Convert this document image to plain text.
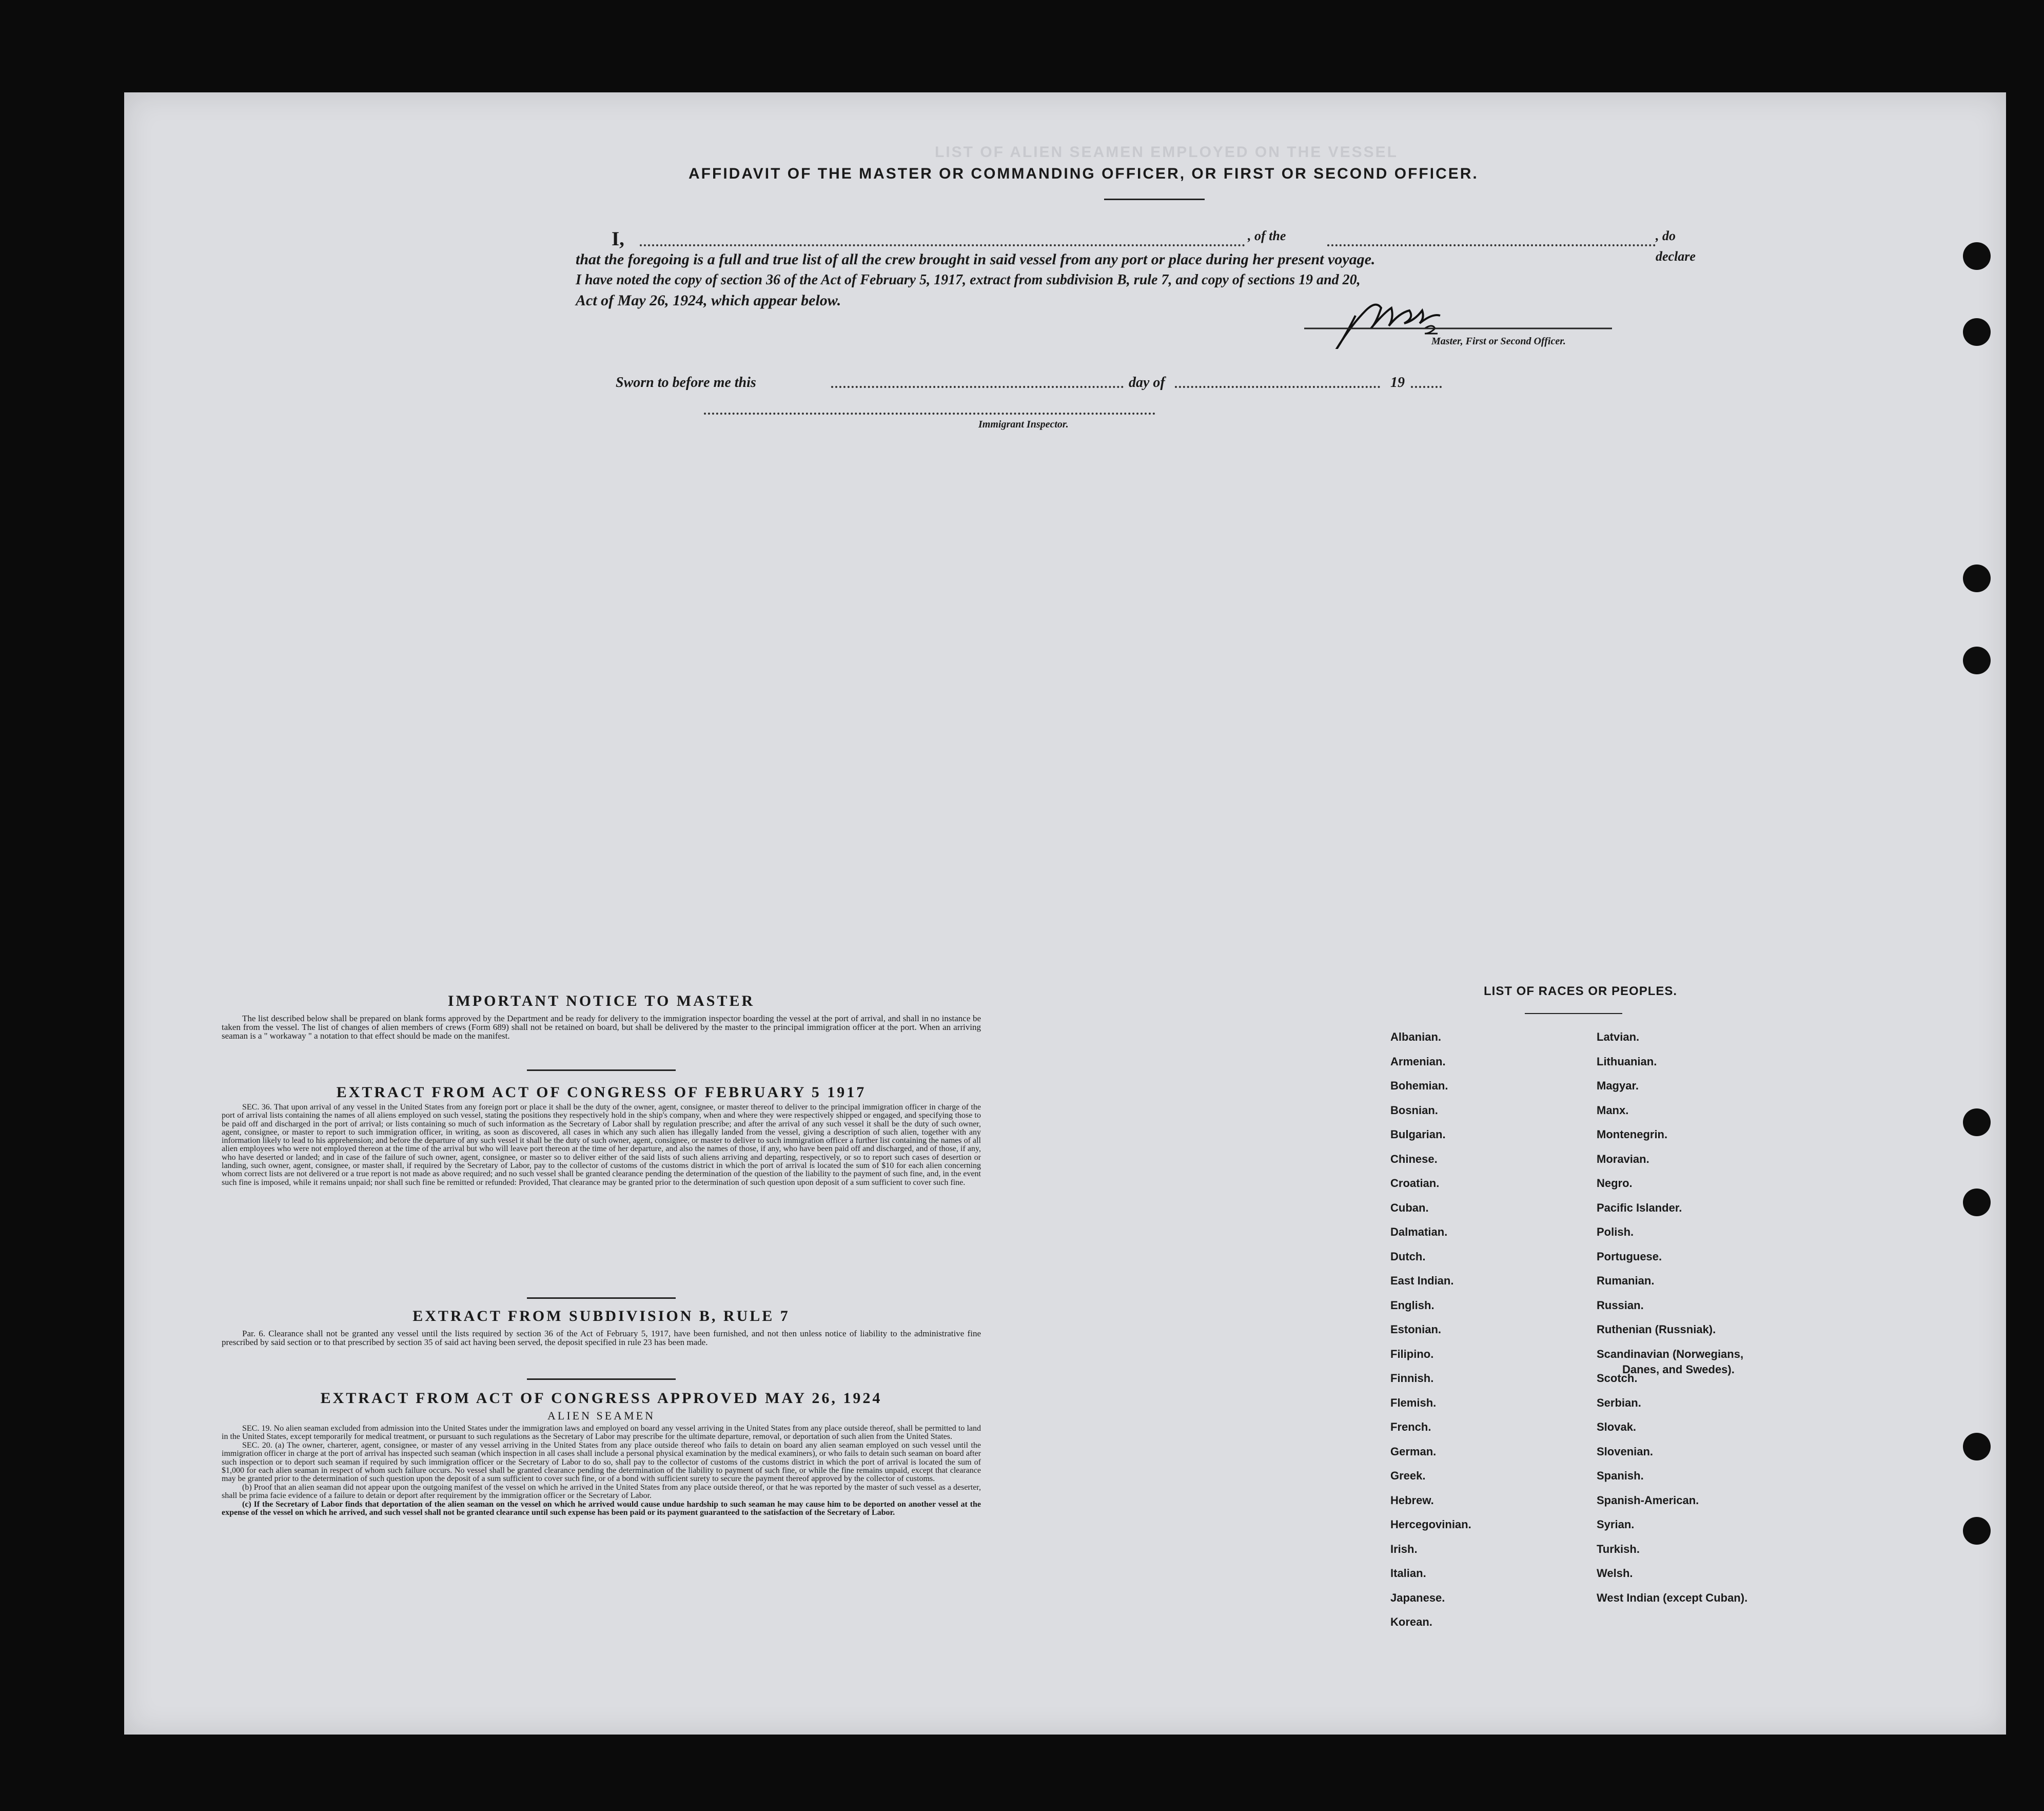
AFFIDAVIT OF THE MASTER OR COMMANDING OFFICER, OR FIRST OR SECOND OFFICER.
I,	, of the	, do declare
that the foregoing is a full and true list of all the crew brought in said vessel from any port or place during her present voyage.
I have noted the copy of section 36 of the Act of February 5, 1917, extract from subdivision B, rule 7, and copy of sections 19 and 20,
Act of May 26, 1924, which appear below.
Master, First or Second Officer.
Sworn to before me this	day of	19
Immigrant Inspector.
LIST OF ALIEN SEAMEN EMPLOYED ON THE VESSEL
IMPORTANT NOTICE TO MASTER
The list described below shall be prepared on blank forms approved by the Department and be ready for delivery to the immigration inspector boarding the vessel at the port of arrival, and shall in no instance be taken from the vessel. The list of changes of alien members of crews (Form 689) shall not be retained on board, but shall be delivered by the master to the principal immigration officer at the port. When an arriving seaman is a " workaway " a notation to that effect should be made on the manifest.
EXTRACT FROM ACT OF CONGRESS OF FEBRUARY 5 1917
SEC. 36. That upon arrival of any vessel in the United States from any foreign port or place it shall be the duty of the owner, agent, consignee, or master thereof to deliver to the principal immigration officer in charge of the port of arrival lists containing the names of all aliens employed on such vessel, stating the positions they respectively hold in the ship's company, when and where they were respectively shipped or engaged, and specifying those to be paid off and discharged in the port of arrival; or lists containing so much of such information as the Secretary of Labor shall by regulation prescribe; and after the arrival of any such vessel it shall be the duty of such owner, agent, consignee, or master to report to such immigration officer, in writing, as soon as discovered, all cases in which any such alien has illegally landed from the vessel, giving a description of such alien, together with any information likely to lead to his apprehension; and before the departure of any such vessel it shall be the duty of such owner, agent, consignee, or master to deliver to such immigration officer a further list containing the names of all alien employees who were not employed thereon at the time of the arrival but who will leave port thereon at the time of her departure, and also the names of those, if any, who have been paid off and discharged, and of those, if any, who have deserted or landed; and in case of the failure of such owner, agent, consignee, or master so to deliver either of the said lists of such aliens arriving and departing, respectively, or so to report such cases of desertion or landing, such owner, agent, consignee, or master shall, if required by the Secretary of Labor, pay to the collector of customs of the customs district in which the port of arrival is located the sum of $10 for each alien concerning whom correct lists are not delivered or a true report is not made as above required; and no such vessel shall be granted clearance pending the determination of the question of the liability to the payment of such fine, and, in the event such fine is imposed, while it remains unpaid; nor shall such fine be remitted or refunded: Provided, That clearance may be granted prior to the determination of such question upon deposit of a sum sufficient to cover such fine.
EXTRACT FROM SUBDIVISION B, RULE 7
Par. 6. Clearance shall not be granted any vessel until the lists required by section 36 of the Act of February 5, 1917, have been furnished, and not then unless notice of liability to the administrative fine prescribed by said section or to that prescribed by section 35 of said act having been served, the deposit specified in rule 23 has been made.
EXTRACT FROM ACT OF CONGRESS APPROVED MAY 26, 1924
ALIEN SEAMEN
SEC. 19. No alien seaman excluded from admission into the United States under the immigration laws and employed on board any vessel arriving in the United States from any place outside thereof, shall be permitted to land in the United States, except temporarily for medical treatment, or pursuant to such regulations as the Secretary of Labor may prescribe for the ultimate departure, removal, or deportation of such alien from the United States.
SEC. 20. (a) The owner, charterer, agent, consignee, or master of any vessel arriving in the United States from any place outside thereof who fails to detain on board any alien seaman employed on such vessel until the immigration officer in charge at the port of arrival has inspected such seaman (which inspection in all cases shall include a personal physical examination by the medical examiners), or who fails to detain such seaman on board after such inspection or to deport such seaman if required by such immigration officer or the Secretary of Labor to do so, shall pay to the collector of customs of the customs district in which the port of arrival is located the sum of $1,000 for each alien seaman in respect of whom such failure occurs. No vessel shall be granted clearance pending the determination of the liability to payment of such fine, or while the fine remains unpaid, except that clearance may be granted prior to the determination of such question upon the deposit of a sum sufficient to cover such fine, or of a bond with sufficient surety to secure the payment thereof approved by the collector of customs.
(b) Proof that an alien seaman did not appear upon the outgoing manifest of the vessel on which he arrived in the United States from any place outside thereof, or that he was reported by the master of such vessel as a deserter, shall be prima facie evidence of a failure to detain or deport after requirement by the immigration officer or the Secretary of Labor.
(c) If the Secretary of Labor finds that deportation of the alien seaman on the vessel on which he arrived would cause undue hardship to such seaman he may cause him to be deported on another vessel at the expense of the vessel on which he arrived, and such vessel shall not be granted clearance until such expense has been paid or its payment guaranteed to the satisfaction of the Secretary of Labor.
LIST OF RACES OR PEOPLES.
Albanian.
Armenian.
Bohemian.
Bosnian.
Bulgarian.
Chinese.
Croatian.
Cuban.
Dalmatian.
Dutch.
East Indian.
English.
Estonian.
Filipino.
Finnish.
Flemish.
French.
German.
Greek.
Hebrew.
Hercegovinian.
Irish.
Italian.
Japanese.
Korean.
Latvian.
Lithuanian.
Magyar.
Manx.
Montenegrin.
Moravian.
Negro.
Pacific Islander.
Polish.
Portuguese.
Rumanian.
Russian.
Ruthenian (Russniak).
Scandinavian (Norwegians,
Danes, and Swedes).
Scotch.
Serbian.
Slovak.
Slovenian.
Spanish.
Spanish-American.
Syrian.
Turkish.
Welsh.
West Indian (except Cuban).
